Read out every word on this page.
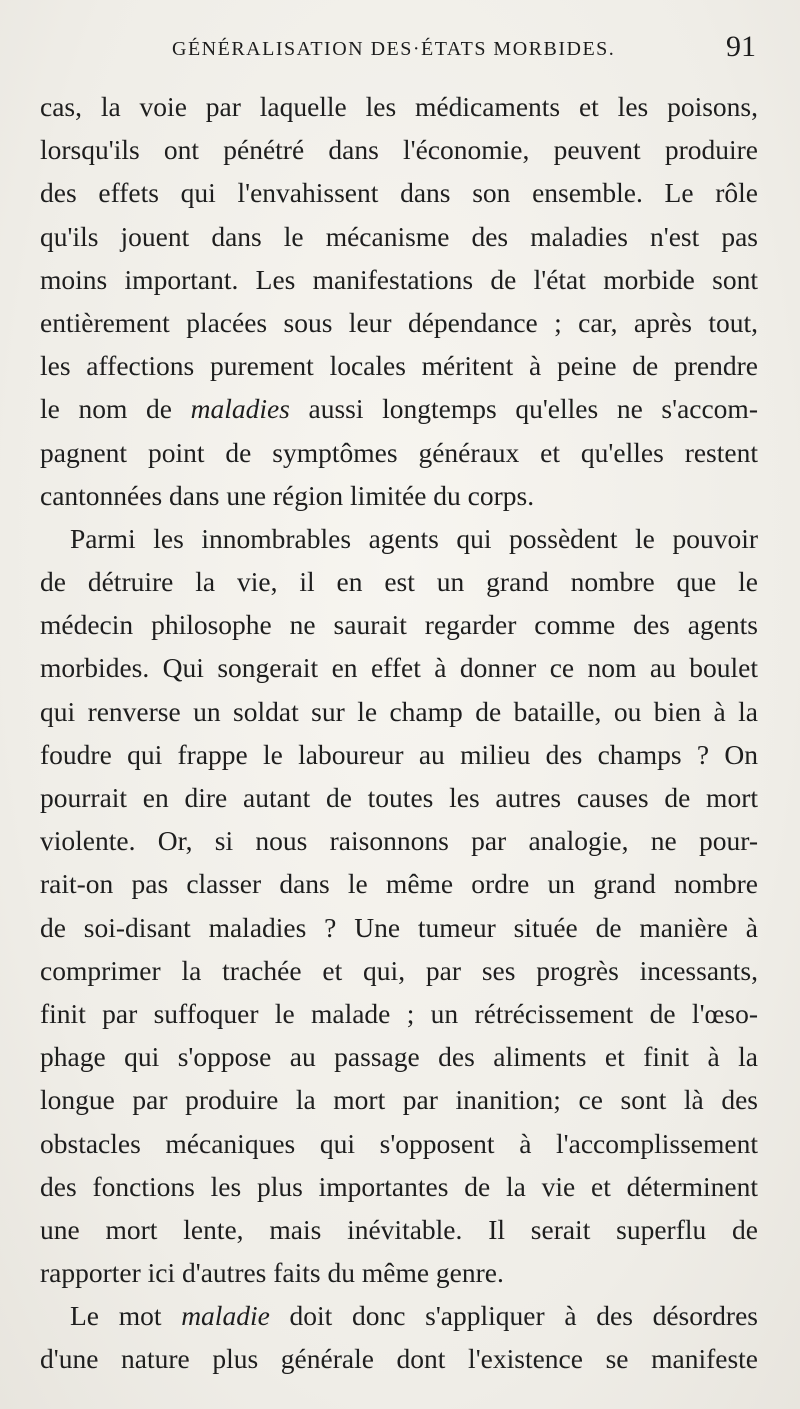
GÉNÉRALISATION DES·ÉTATS MORBIDES.	91
cas, la voie par laquelle les médicaments et les poisons,
lorsqu'ils ont pénétré dans l'économie, peuvent produire
des effets qui l'envahissent dans son ensemble. Le rôle
qu'ils jouent dans le mécanisme des maladies n'est pas
moins important. Les manifestations de l'état morbide sont
entièrement placées sous leur dépendance ; car, après tout,
les affections purement locales méritent à peine de prendre
le nom de maladies aussi longtemps qu'elles ne s'accom-
pagnent point de symptômes généraux et qu'elles restent
cantonnées dans une région limitée du corps.
Parmi les innombrables agents qui possèdent le pouvoir
de détruire la vie, il en est un grand nombre que le
médecin philosophe ne saurait regarder comme des agents
morbides. Qui songerait en effet à donner ce nom au boulet
qui renverse un soldat sur le champ de bataille, ou bien à la
foudre qui frappe le laboureur au milieu des champs ? On
pourrait en dire autant de toutes les autres causes de mort
violente. Or, si nous raisonnons par analogie, ne pour-
rait-on pas classer dans le même ordre un grand nombre
de soi-disant maladies ? Une tumeur située de manière à
comprimer la trachée et qui, par ses progrès incessants,
finit par suffoquer le malade ; un rétrécissement de l'œso-
phage qui s'oppose au passage des aliments et finit à la
longue par produire la mort par inanition; ce sont là des
obstacles mécaniques qui s'opposent à l'accomplissement
des fonctions les plus importantes de la vie et déterminent
une mort lente, mais inévitable. Il serait superflu de
rapporter ici d'autres faits du même genre.
Le mot maladie doit donc s'appliquer à des désordres
d'une nature plus générale dont l'existence se manifeste
